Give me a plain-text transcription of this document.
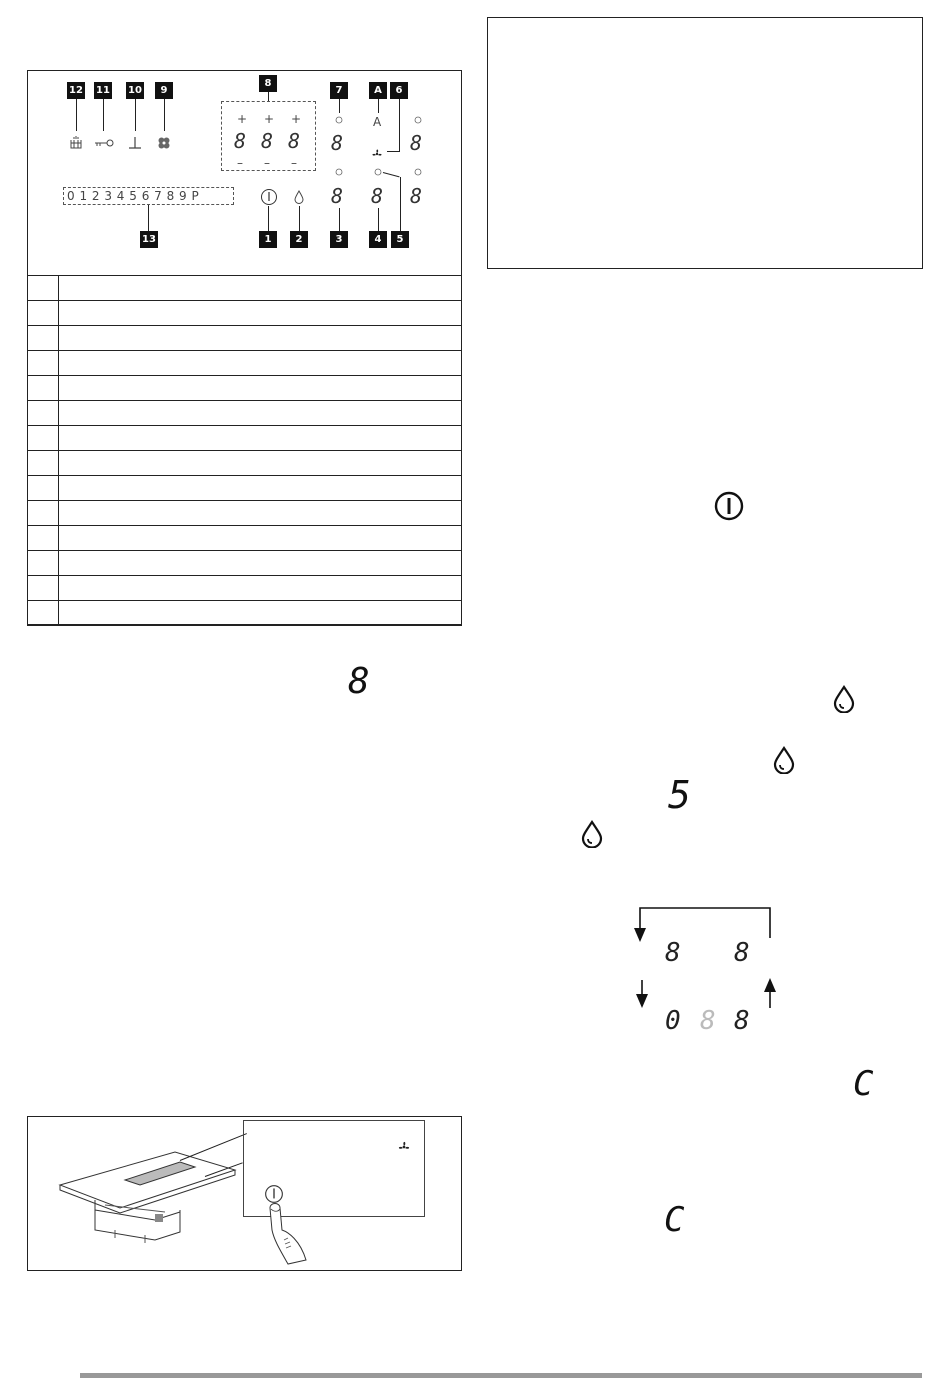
12 11 10	9
8
7	A	6
+ + +
8 8 8
– – –
8
A
8
0 1 2 3 4 5 6 7 8 9 P
13
8 8 8
1	2	3	4	5

8
5
8 8
0 8 8
C
C
